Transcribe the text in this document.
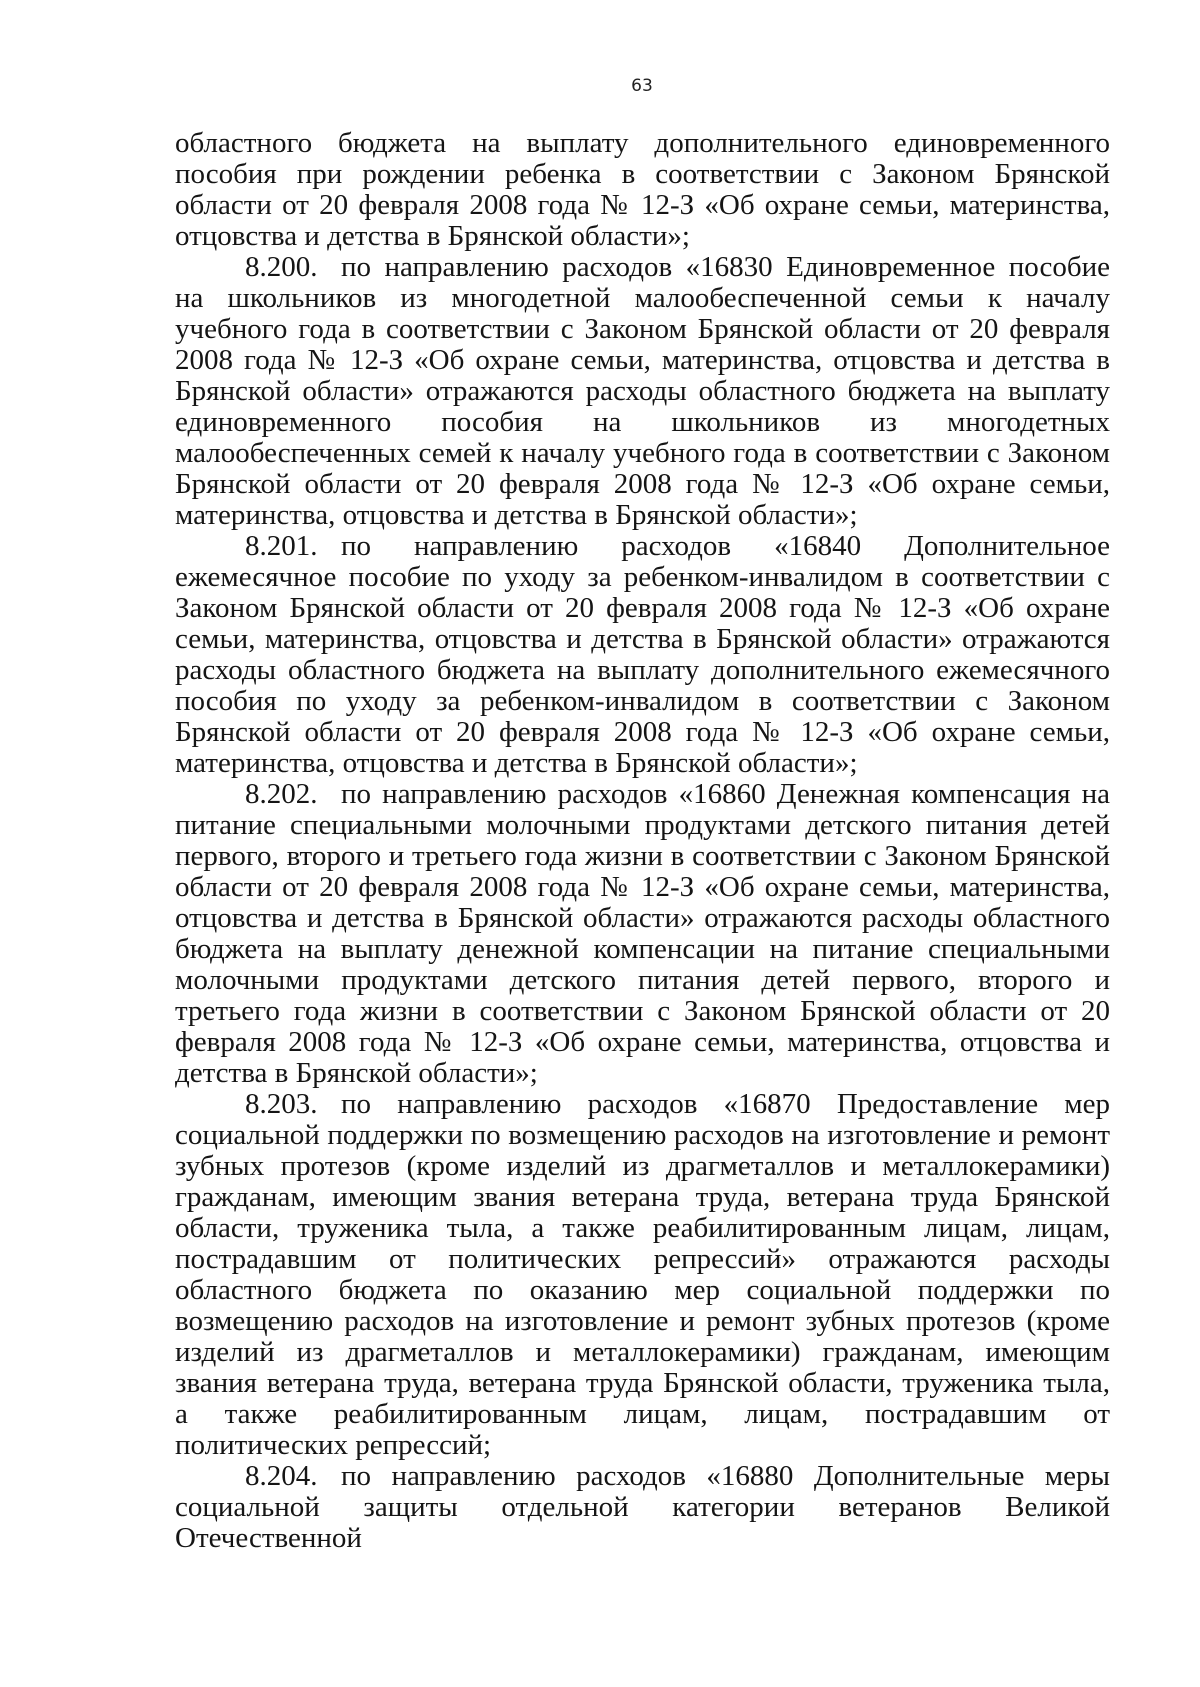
63

областного бюджета на выплату дополнительного единовременного пособия при рождении ребенка в соответствии с Законом Брянской области от 20 февраля 2008 года № 12-З «Об охране семьи, материнства, отцовства и детства в Брянской области»;

8.200. по направлению расходов «16830 Единовременное пособие на школьников из многодетной малообеспеченной семьи к началу учебного года в соответствии с Законом Брянской области от 20 февраля 2008 года № 12-З «Об охране семьи, материнства, отцовства и детства в Брянской области» отражаются расходы областного бюджета на выплату единовременного пособия на школьников из многодетных малообеспеченных семей к началу учебного года в соответствии с Законом Брянской области от 20 февраля 2008 года № 12-З «Об охране семьи, материнства, отцовства и детства в Брянской области»;

8.201. по направлению расходов «16840 Дополнительное ежемесячное пособие по уходу за ребенком-инвалидом в соответствии с Законом Брянской области от 20 февраля 2008 года № 12-З «Об охране семьи, материнства, отцовства и детства в Брянской области» отражаются расходы областного бюджета на выплату дополнительного ежемесячного пособия по уходу за ребенком-инвалидом в соответствии с Законом Брянской области от 20 февраля 2008 года № 12-З «Об охране семьи, материнства, отцовства и детства в Брянской области»;

8.202. по направлению расходов «16860 Денежная компенсация на питание специальными молочными продуктами детского питания детей первого, второго и третьего года жизни в соответствии с Законом Брянской области от 20 февраля 2008 года № 12-З «Об охране семьи, материнства, отцовства и детства в Брянской области» отражаются расходы областного бюджета на выплату денежной компенсации на питание специальными молочными продуктами детского питания детей первого, второго и третьего года жизни в соответствии с Законом Брянской области от 20 февраля 2008 года № 12-З «Об охране семьи, материнства, отцовства и детства в Брянской области»;

8.203. по направлению расходов «16870 Предоставление мер социальной поддержки по возмещению расходов на изготовление и ремонт зубных протезов (кроме изделий из драгметаллов и металлокерамики) гражданам, имеющим звания ветерана труда, ветерана труда Брянской области, труженика тыла, а также реабилитированным лицам, лицам, пострадавшим от политических репрессий» отражаются расходы областного бюджета по оказанию мер социальной поддержки по возмещению расходов на изготовление и ремонт зубных протезов (кроме изделий из драгметаллов и металлокерамики) гражданам, имеющим звания ветерана труда, ветерана труда Брянской области, труженика тыла, а также реабилитированным лицам, лицам, пострадавшим от политических репрессий;

8.204. по направлению расходов «16880 Дополнительные меры социальной защиты отдельной категории ветеранов Великой Отечественной
